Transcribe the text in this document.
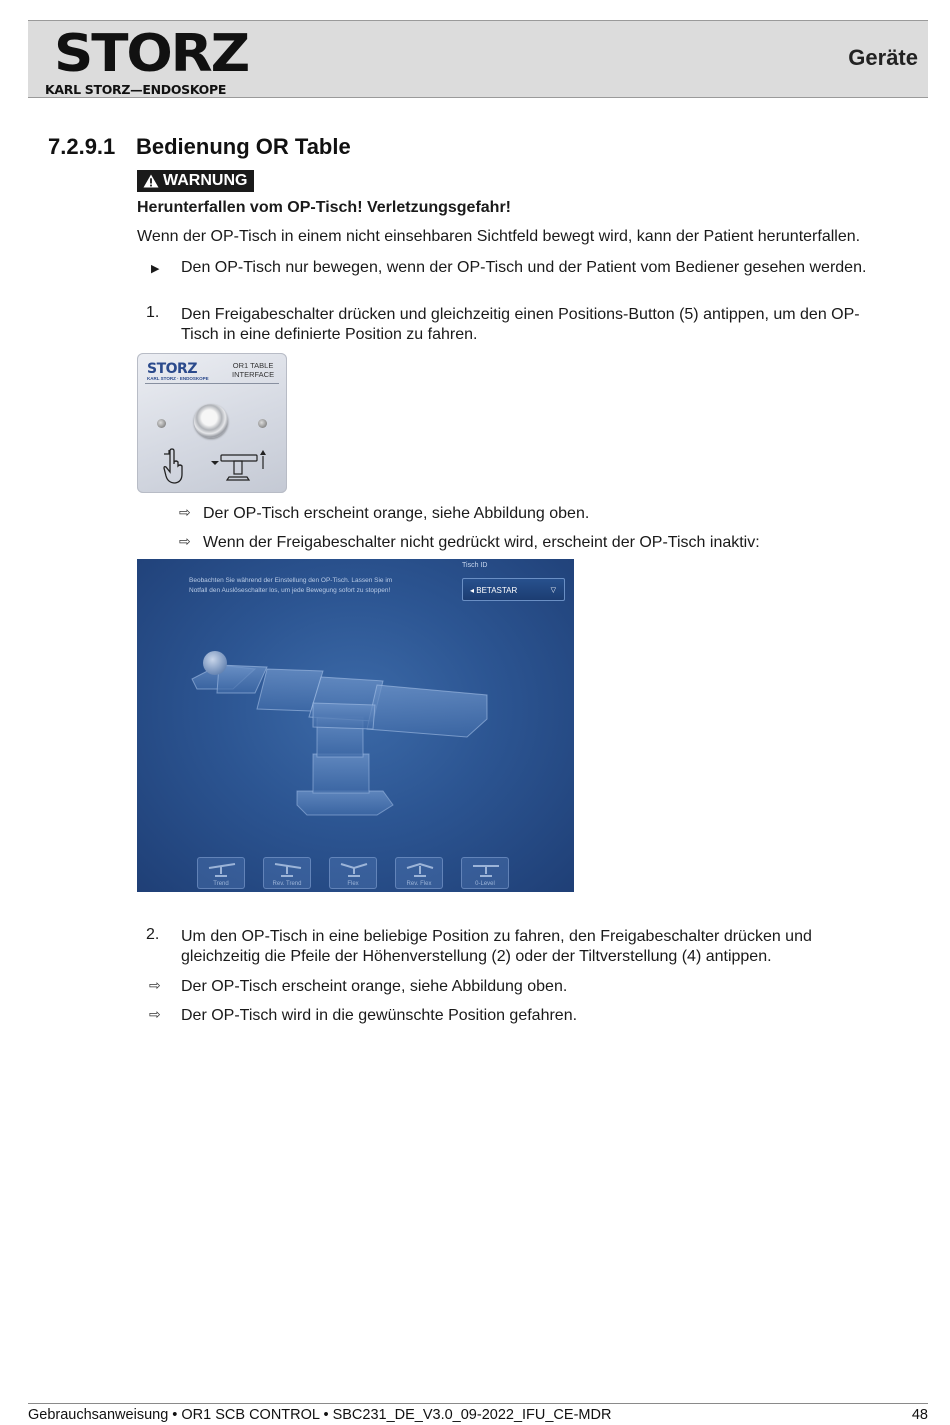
STORZ
KARL STORZ—ENDOSKOPE
Geräte
7.2.9.1 Bedienung OR Table
WARNUNG
Herunterfallen vom OP-Tisch! Verletzungsgefahr!
Wenn der OP-Tisch in einem nicht einsehbaren Sichtfeld bewegt wird, kann der Patient herunterfallen.
▶ Den OP-Tisch nur bewegen, wenn der OP-Tisch und der Patient vom Bediener gesehen werden.
1. Den Freigabeschalter drücken und gleichzeitig einen Positions-Button (5) antippen, um den OP-
Tisch in eine definierte Position zu fahren.
STORZ
KARL STORZ · ENDOSKOPE
OR1 TABLE
INTERFACE
⇨ Der OP-Tisch erscheint orange, siehe Abbildung oben.
⇨ Wenn der Freigabeschalter nicht gedrückt wird, erscheint der OP-Tisch inaktiv:
Beobachten Sie während der Einstellung den OP-Tisch. Lassen Sie im
Notfall den Auslöseschalter los, um jede Bewegung sofort zu stoppen!
Tisch ID
◂ BETASTAR	▽
Trend	Rev. Trend	Flex	Rev. Flex	0-Level
2. Um den OP-Tisch in eine beliebige Position zu fahren, den Freigabeschalter drücken und
gleichzeitig die Pfeile der Höhenverstellung (2) oder der Tiltverstellung (4) antippen.
⇨ Der OP-Tisch erscheint orange, siehe Abbildung oben.
⇨ Der OP-Tisch wird in die gewünschte Position gefahren.
Gebrauchsanweisung • OR1 SCB CONTROL • SBC231_DE_V3.0_09-2022_IFU_CE-MDR	48
